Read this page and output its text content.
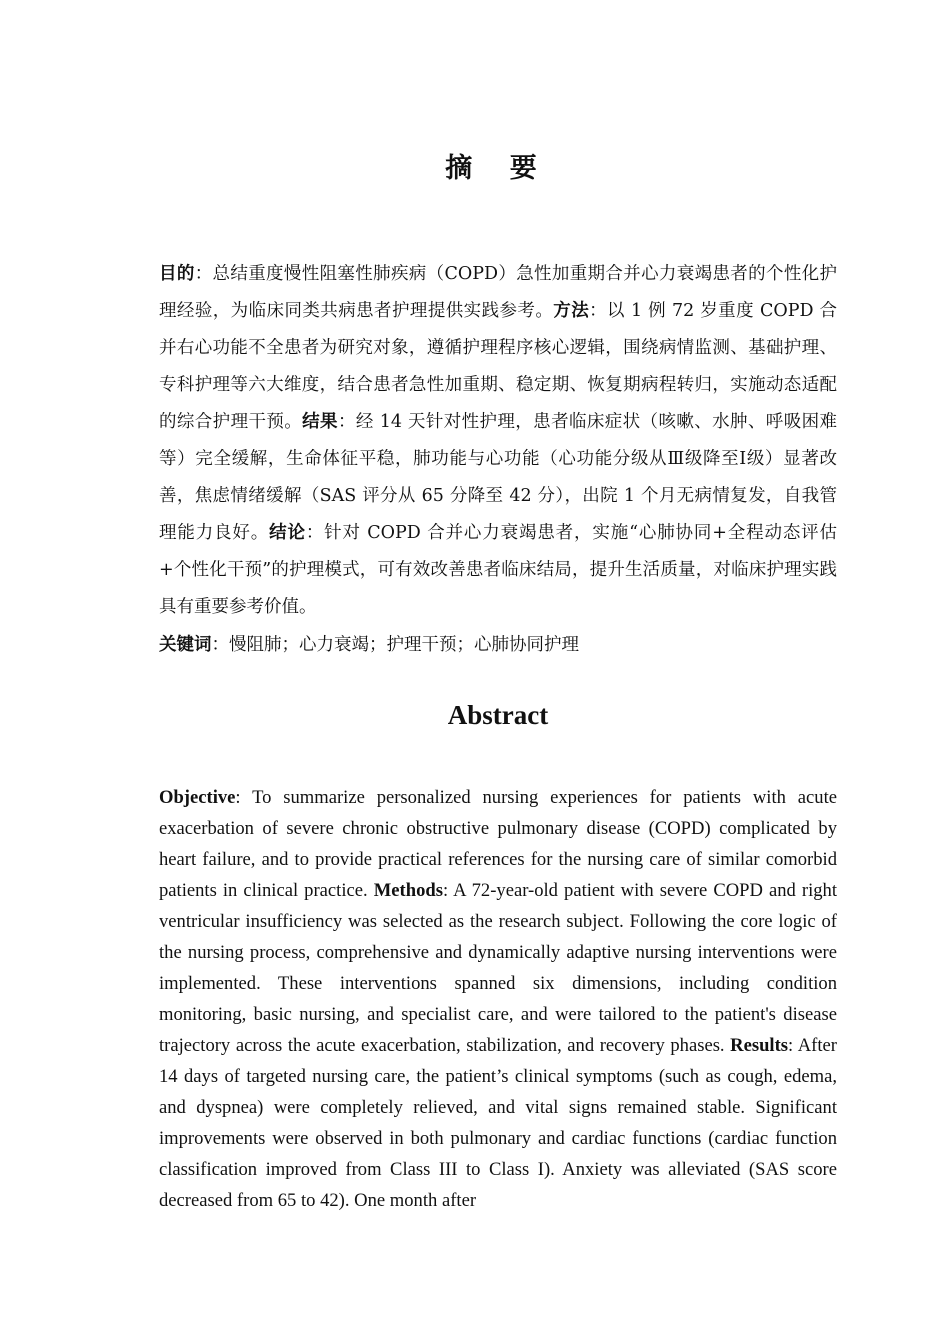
摘 要
目的：总结重度慢性阻塞性肺疾病（COPD）急性加重期合并心力衰竭患者的个性化护理经验，为临床同类共病患者护理提供实践参考。方法：以 1 例 72 岁重度 COPD 合并右心功能不全患者为研究对象，遵循护理程序核心逻辑，围绕病情监测、基础护理、专科护理等六大维度，结合患者急性加重期、稳定期、恢复期病程转归，实施动态适配的综合护理干预。结果：经 14 天针对性护理，患者临床症状（咳嗽、水肿、呼吸困难等）完全缓解，生命体征平稳，肺功能与心功能（心功能分级从Ⅲ级降至Ⅰ级）显著改善，焦虑情绪缓解（SAS 评分从 65 分降至 42 分），出院 1 个月无病情复发，自我管理能力良好。结论：针对 COPD 合并心力衰竭患者，实施“心肺协同+全程动态评估+个性化干预”的护理模式，可有效改善患者临床结局，提升生活质量，对临床护理实践具有重要参考价值。
关键词：慢阻肺；心力衰竭；护理干预；心肺协同护理
Abstract
Objective: To summarize personalized nursing experiences for patients with acute exacerbation of severe chronic obstructive pulmonary disease (COPD) complicated by heart failure, and to provide practical references for the nursing care of similar comorbid patients in clinical practice. Methods: A 72-year-old patient with severe COPD and right ventricular insufficiency was selected as the research subject. Following the core logic of the nursing process, comprehensive and dynamically adaptive nursing interventions were implemented. These interventions spanned six dimensions, including condition monitoring, basic nursing, and specialist care, and were tailored to the patient's disease trajectory across the acute exacerbation, stabilization, and recovery phases. Results: After 14 days of targeted nursing care, the patient’s clinical symptoms (such as cough, edema, and dyspnea) were completely relieved, and vital signs remained stable. Significant improvements were observed in both pulmonary and cardiac functions (cardiac function classification improved from Class III to Class I). Anxiety was alleviated (SAS score decreased from 65 to 42). One month after
